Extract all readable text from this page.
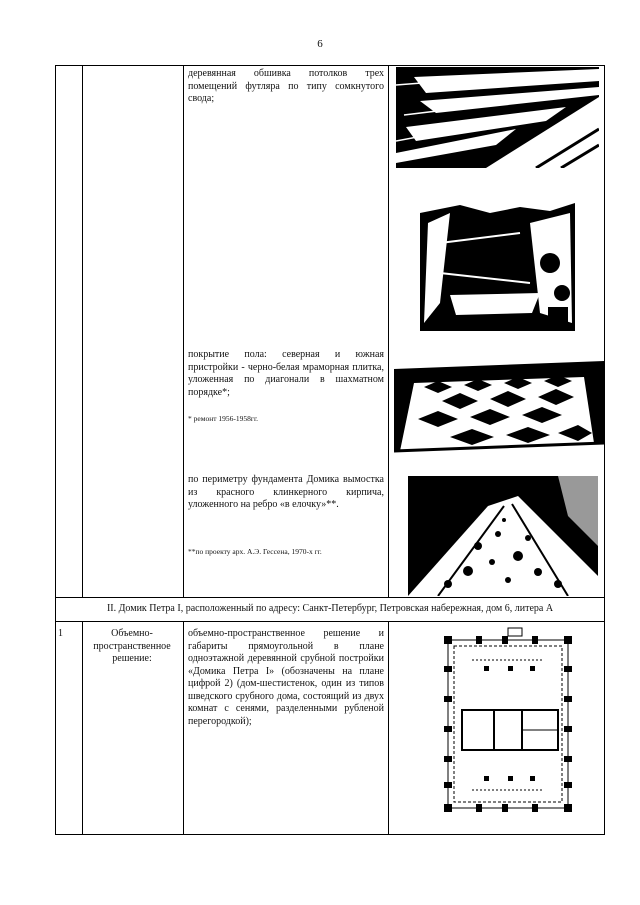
6
деревянная обшивка потолков трех помещений футляра по типу сомкнутого свода;
покрытие пола: северная и южная пристройки - черно-белая мраморная плитка, уложенная по диагонали в шахматном порядке*;
* ремонт 1956-1958гг.
по периметру фундамента Домика вымостка из красного клинкерного кирпича, уложенного на ребро «в елочку»**.
**по проекту арх. А.Э. Гессена, 1970-х гг.
II. Домик Петра I, расположенный по адресу: Санкт-Петербург, Петровская набережная, дом 6, литера А
1	Объемно-пространственное решение:
объемно-пространственное решение и габариты прямоугольной в плане одноэтажной деревянной срубной постройки «Домика Петра I» (обозначены на плане цифрой 2) (дом-шестистенок, один из типов шведского срубного дома, состоящий из двух комнат с сенями, разделенными рубленой перегородкой);
